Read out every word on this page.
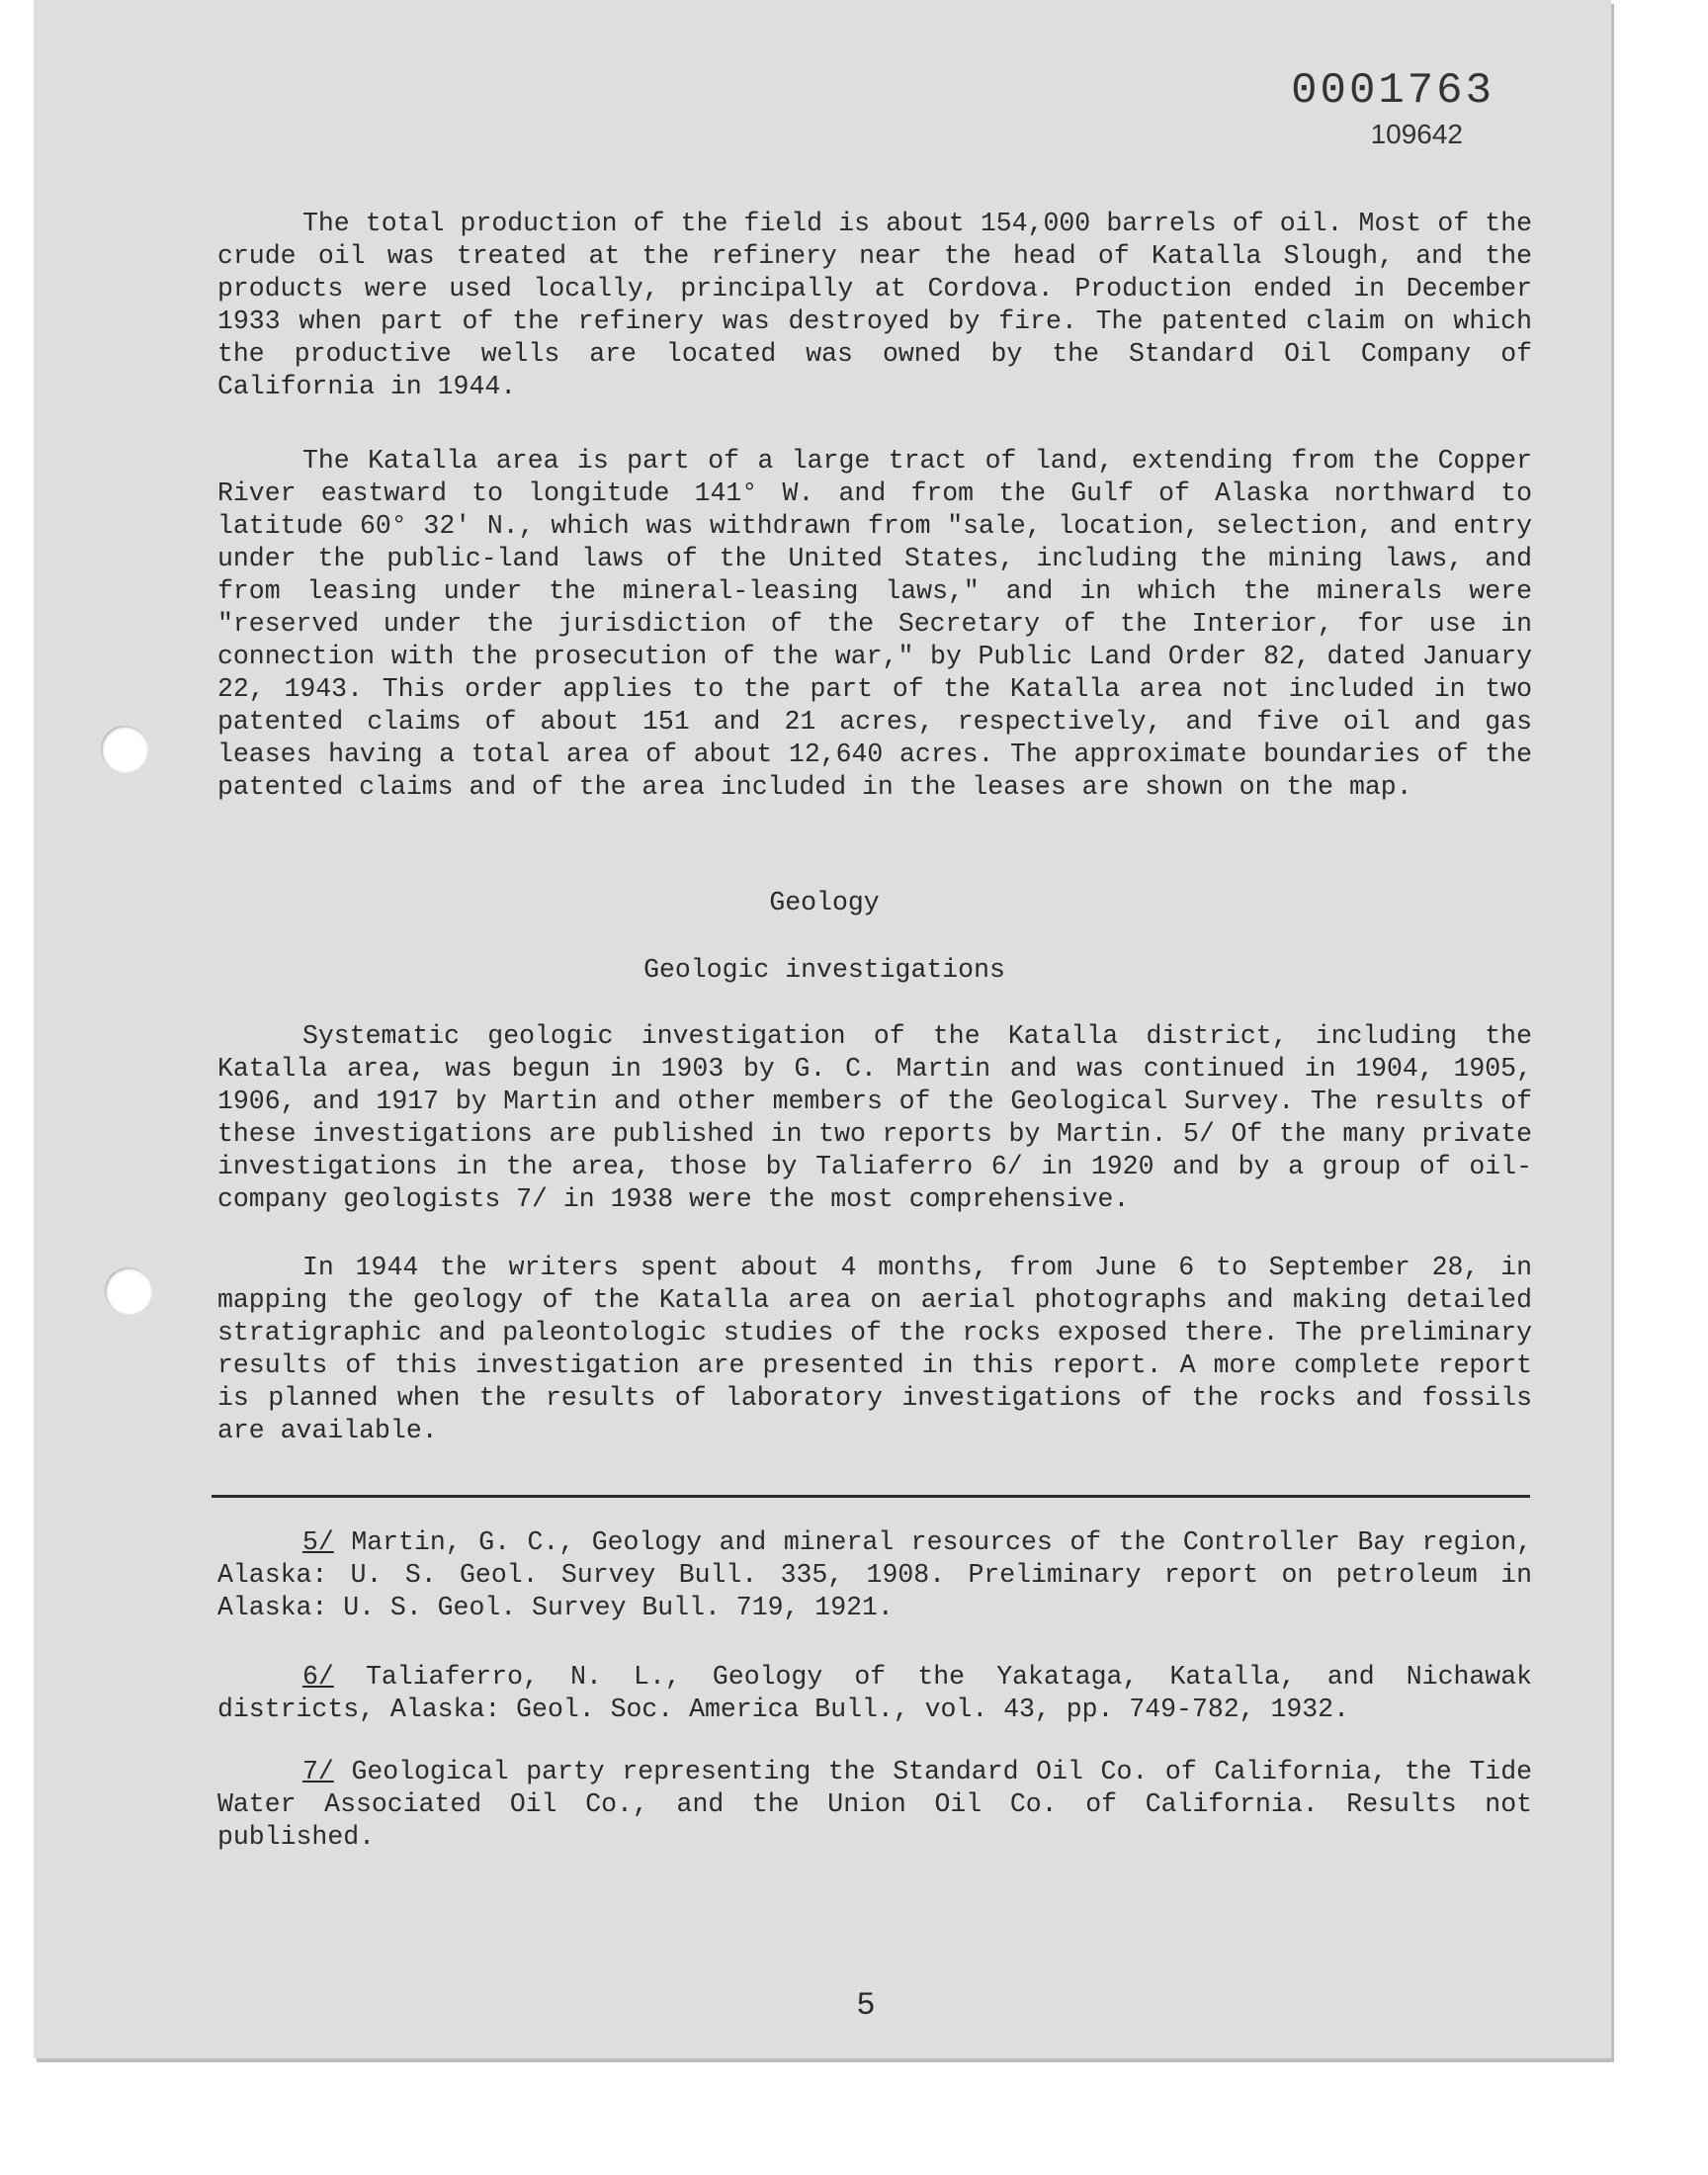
0001763
109642

The total production of the field is about 154,000 barrels of oil. Most of the crude oil was treated at the refinery near the head of Katalla Slough, and the products were used locally, principally at Cordova. Production ended in December 1933 when part of the refinery was destroyed by fire. The patented claim on which the productive wells are located was owned by the Standard Oil Company of California in 1944.

The Katalla area is part of a large tract of land, extending from the Copper River eastward to longitude 141° W. and from the Gulf of Alaska northward to latitude 60° 32' N., which was withdrawn from "sale, location, selection, and entry under the public-land laws of the United States, including the mining laws, and from leasing under the mineral-leasing laws," and in which the minerals were "reserved under the jurisdiction of the Secretary of the Interior, for use in connection with the prosecution of the war," by Public Land Order 82, dated January 22, 1943. This order applies to the part of the Katalla area not included in two patented claims of about 151 and 21 acres, respectively, and five oil and gas leases having a total area of about 12,640 acres. The approximate boundaries of the patented claims and of the area included in the leases are shown on the map.

Geology

Geologic investigations

Systematic geologic investigation of the Katalla district, including the Katalla area, was begun in 1903 by G. C. Martin and was continued in 1904, 1905, 1906, and 1917 by Martin and other members of the Geological Survey. The results of these investigations are published in two reports by Martin. 5/ Of the many private investigations in the area, those by Taliaferro 6/ in 1920 and by a group of oil-company geologists 7/ in 1938 were the most comprehensive.

In 1944 the writers spent about 4 months, from June 6 to September 28, in mapping the geology of the Katalla area on aerial photographs and making detailed stratigraphic and paleontologic studies of the rocks exposed there. The preliminary results of this investigation are presented in this report. A more complete report is planned when the results of laboratory investigations of the rocks and fossils are available.

5/ Martin, G. C., Geology and mineral resources of the Controller Bay region, Alaska: U. S. Geol. Survey Bull. 335, 1908. Preliminary report on petroleum in Alaska: U. S. Geol. Survey Bull. 719, 1921.

6/ Taliaferro, N. L., Geology of the Yakataga, Katalla, and Nichawak districts, Alaska: Geol. Soc. America Bull., vol. 43, pp. 749-782, 1932.

7/ Geological party representing the Standard Oil Co. of California, the Tide Water Associated Oil Co., and the Union Oil Co. of California. Results not published.

5
